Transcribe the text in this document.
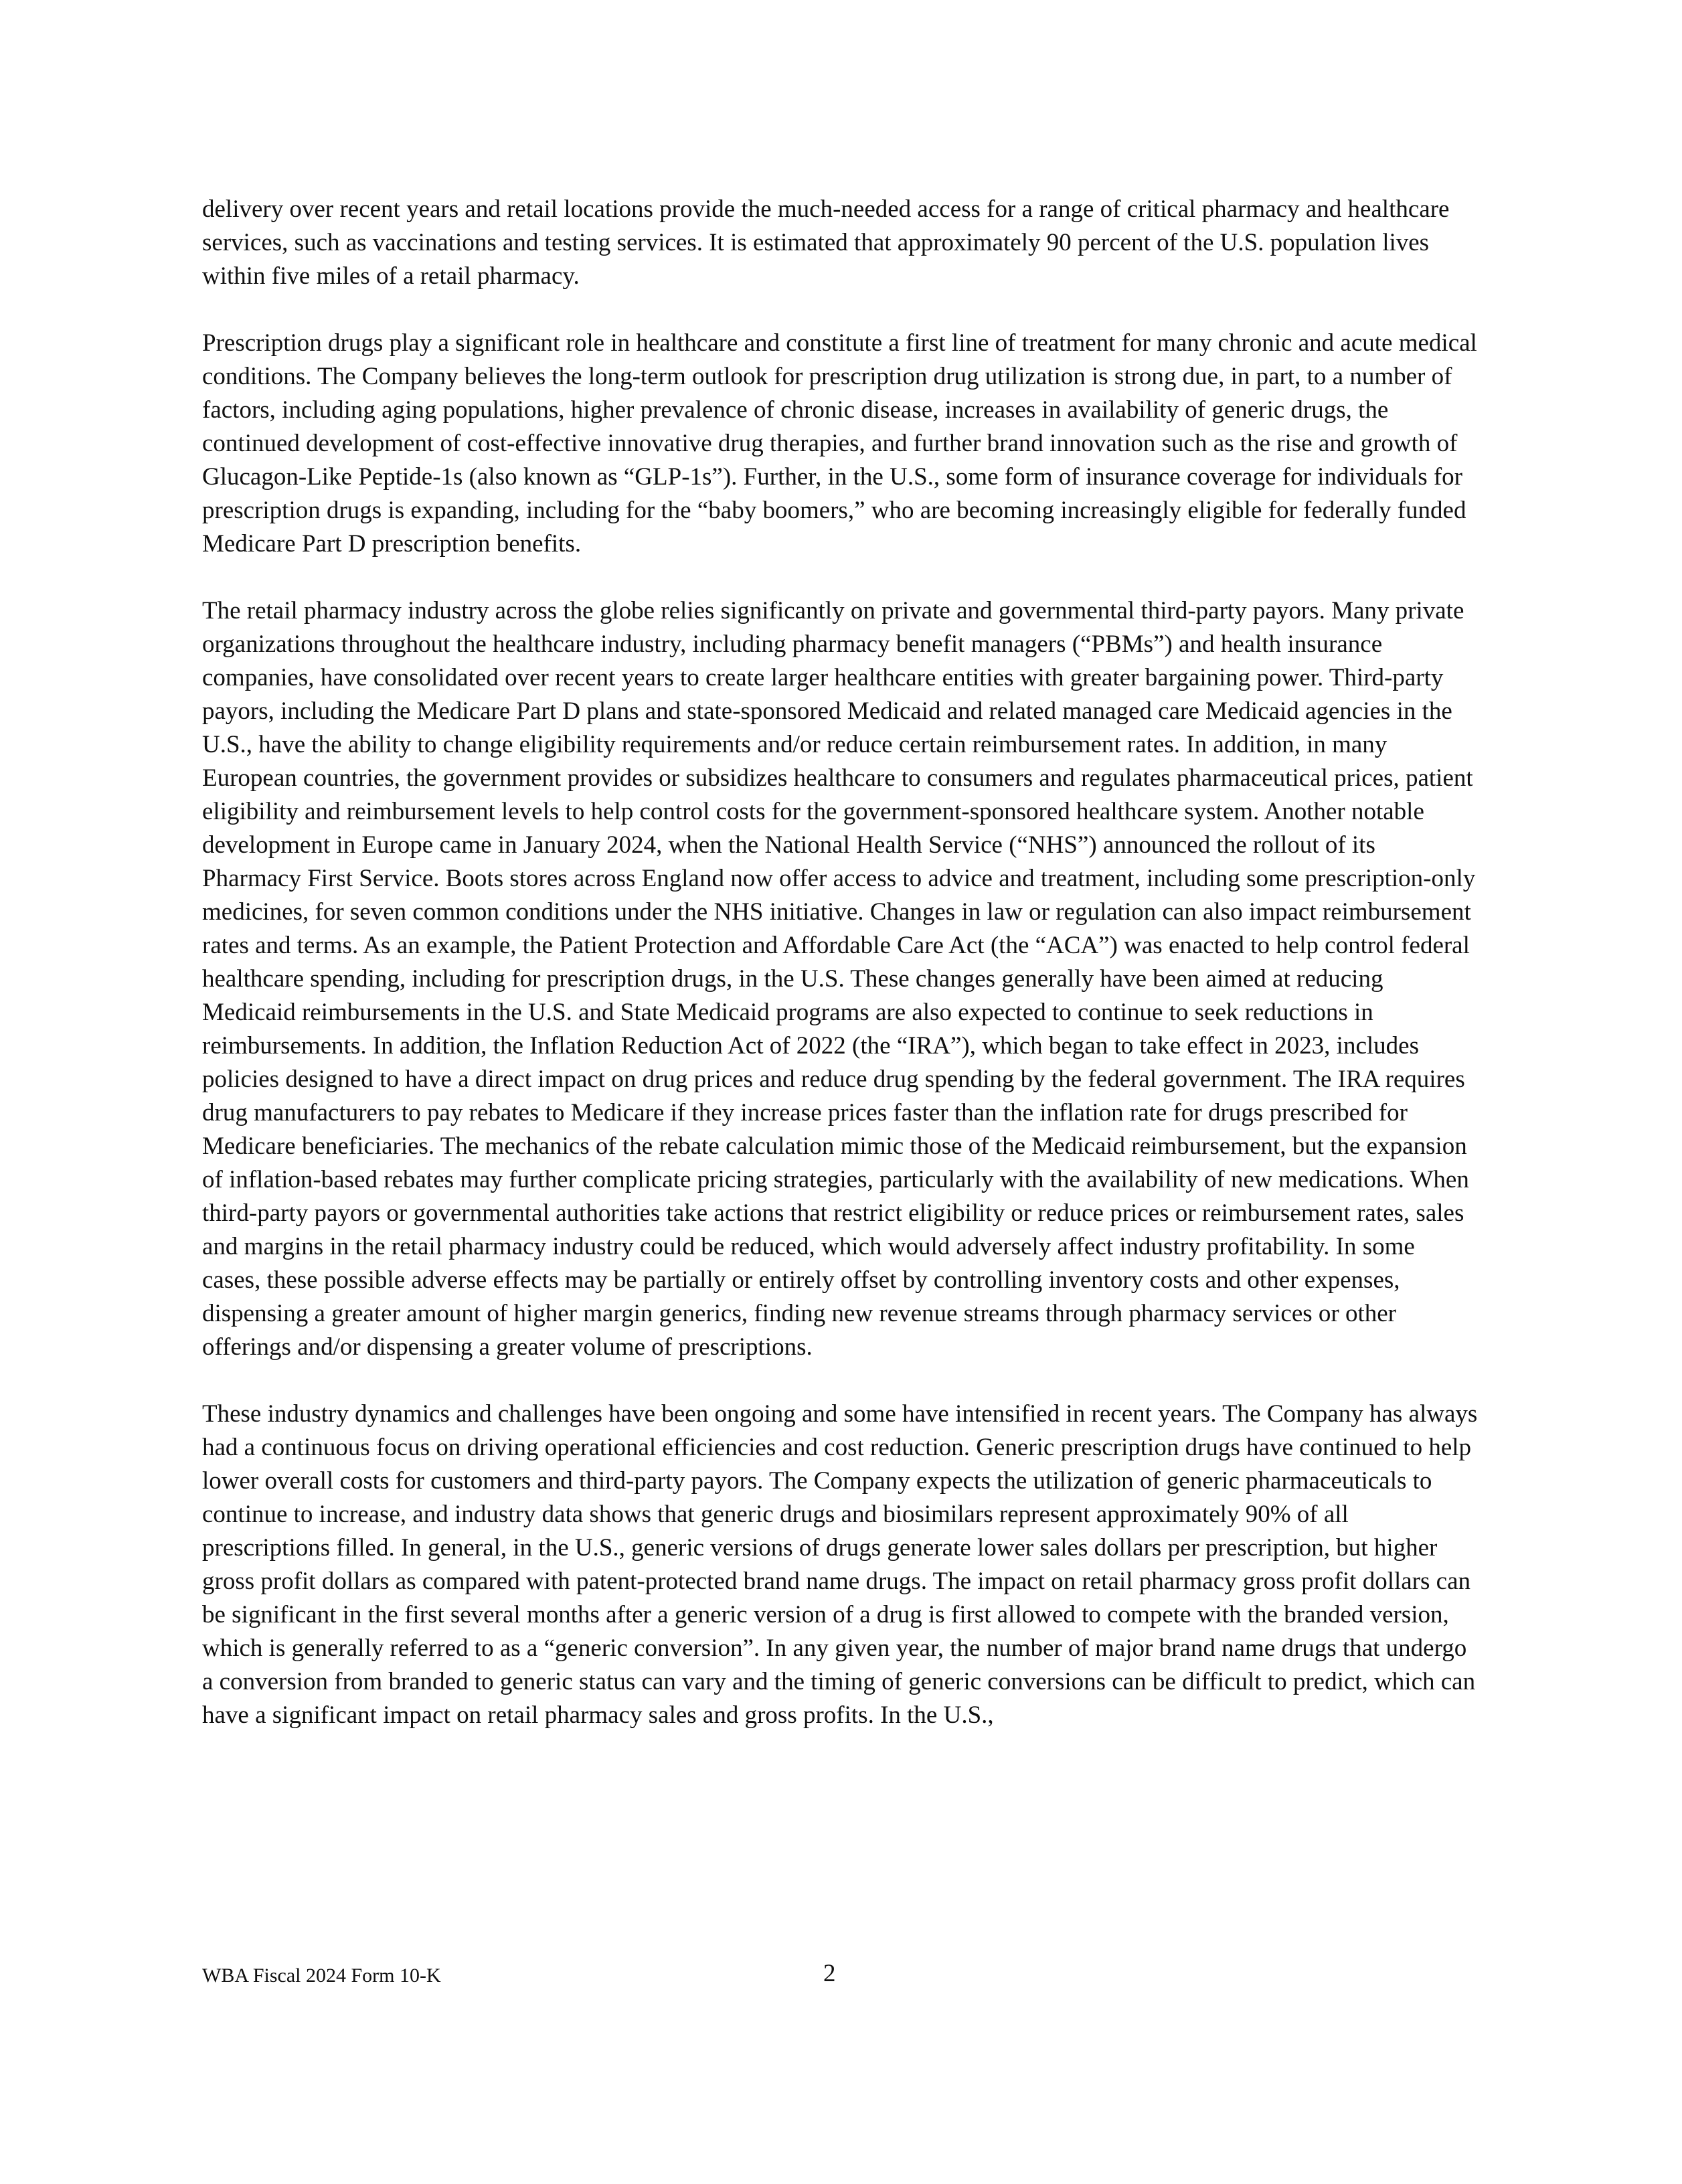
delivery over recent years and retail locations provide the much-needed access for a range of critical pharmacy and healthcare services, such as vaccinations and testing services. It is estimated that approximately 90 percent of the U.S. population lives within five miles of a retail pharmacy.

Prescription drugs play a significant role in healthcare and constitute a first line of treatment for many chronic and acute medical conditions. The Company believes the long-term outlook for prescription drug utilization is strong due, in part, to a number of factors, including aging populations, higher prevalence of chronic disease, increases in availability of generic drugs, the continued development of cost-effective innovative drug therapies, and further brand innovation such as the rise and growth of Glucagon-Like Peptide-1s (also known as “GLP-1s”). Further, in the U.S., some form of insurance coverage for individuals for prescription drugs is expanding, including for the “baby boomers,” who are becoming increasingly eligible for federally funded Medicare Part D prescription benefits.

The retail pharmacy industry across the globe relies significantly on private and governmental third-party payors. Many private organizations throughout the healthcare industry, including pharmacy benefit managers (“PBMs”) and health insurance companies, have consolidated over recent years to create larger healthcare entities with greater bargaining power. Third-party payors, including the Medicare Part D plans and state-sponsored Medicaid and related managed care Medicaid agencies in the U.S., have the ability to change eligibility requirements and/or reduce certain reimbursement rates. In addition, in many European countries, the government provides or subsidizes healthcare to consumers and regulates pharmaceutical prices, patient eligibility and reimbursement levels to help control costs for the government-sponsored healthcare system. Another notable development in Europe came in January 2024, when the National Health Service (“NHS”) announced the rollout of its Pharmacy First Service. Boots stores across England now offer access to advice and treatment, including some prescription-only medicines, for seven common conditions under the NHS initiative. Changes in law or regulation can also impact reimbursement rates and terms. As an example, the Patient Protection and Affordable Care Act (the “ACA”) was enacted to help control federal healthcare spending, including for prescription drugs, in the U.S. These changes generally have been aimed at reducing Medicaid reimbursements in the U.S. and State Medicaid programs are also expected to continue to seek reductions in reimbursements. In addition, the Inflation Reduction Act of 2022 (the “IRA”), which began to take effect in 2023, includes policies designed to have a direct impact on drug prices and reduce drug spending by the federal government. The IRA requires drug manufacturers to pay rebates to Medicare if they increase prices faster than the inflation rate for drugs prescribed for Medicare beneficiaries. The mechanics of the rebate calculation mimic those of the Medicaid reimbursement, but the expansion of inflation-based rebates may further complicate pricing strategies, particularly with the availability of new medications. When third-party payors or governmental authorities take actions that restrict eligibility or reduce prices or reimbursement rates, sales and margins in the retail pharmacy industry could be reduced, which would adversely affect industry profitability. In some cases, these possible adverse effects may be partially or entirely offset by controlling inventory costs and other expenses, dispensing a greater amount of higher margin generics, finding new revenue streams through pharmacy services or other offerings and/or dispensing a greater volume of prescriptions.

These industry dynamics and challenges have been ongoing and some have intensified in recent years. The Company has always had a continuous focus on driving operational efficiencies and cost reduction. Generic prescription drugs have continued to help lower overall costs for customers and third-party payors. The Company expects the utilization of generic pharmaceuticals to continue to increase, and industry data shows that generic drugs and biosimilars represent approximately 90% of all prescriptions filled. In general, in the U.S., generic versions of drugs generate lower sales dollars per prescription, but higher gross profit dollars as compared with patent-protected brand name drugs. The impact on retail pharmacy gross profit dollars can be significant in the first several months after a generic version of a drug is first allowed to compete with the branded version, which is generally referred to as a “generic conversion”. In any given year, the number of major brand name drugs that undergo a conversion from branded to generic status can vary and the timing of generic conversions can be difficult to predict, which can have a significant impact on retail pharmacy sales and gross profits. In the U.S.,

WBA Fiscal 2024 Form 10-K	2
